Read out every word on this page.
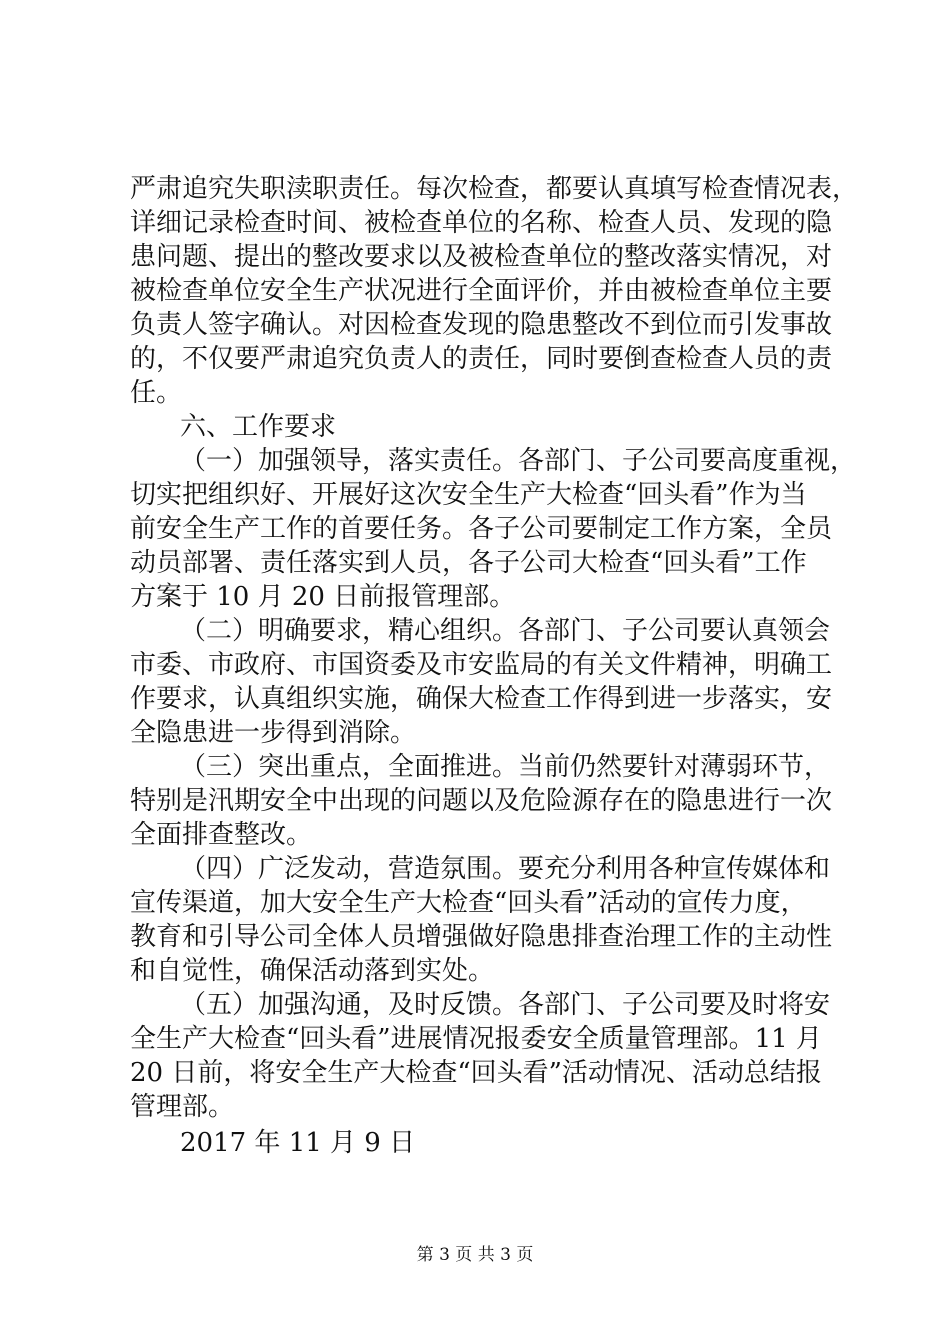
严肃追究失职渎职责任。每次检查，都要认真填写检查情况表，
详细记录检查时间、被检查单位的名称、检查人员、发现的隐
患问题、提出的整改要求以及被检查单位的整改落实情况，对
被检查单位安全生产状况进行全面评价，并由被检查单位主要
负责人签字确认。对因检查发现的隐患整改不到位而引发事故
的，不仅要严肃追究负责人的责任，同时要倒查检查人员的责
任。
六、工作要求
（一）加强领导，落实责任。各部门、子公司要高度重视，
切实把组织好、开展好这次安全生产大检查“回头看”作为当
前安全生产工作的首要任务。各子公司要制定工作方案，全员
动员部署、责任落实到人员，各子公司大检查“回头看”工作
方案于 10 月 20 日前报管理部。
（二）明确要求，精心组织。各部门、子公司要认真领会
市委、市政府、市国资委及市安监局的有关文件精神，明确工
作要求，认真组织实施，确保大检查工作得到进一步落实，安
全隐患进一步得到消除。
（三）突出重点，全面推进。当前仍然要针对薄弱环节，
特别是汛期安全中出现的问题以及危险源存在的隐患进行一次
全面排查整改。
（四）广泛发动，营造氛围。要充分利用各种宣传媒体和
宣传渠道，加大安全生产大检查“回头看”活动的宣传力度，
教育和引导公司全体人员增强做好隐患排查治理工作的主动性
和自觉性，确保活动落到实处。
（五）加强沟通，及时反馈。各部门、子公司要及时将安
全生产大检查“回头看”进展情况报委安全质量管理部。11 月
20 日前，将安全生产大检查“回头看”活动情况、活动总结报
管理部。
2017 年 11 月 9 日
第 3 页 共 3 页
